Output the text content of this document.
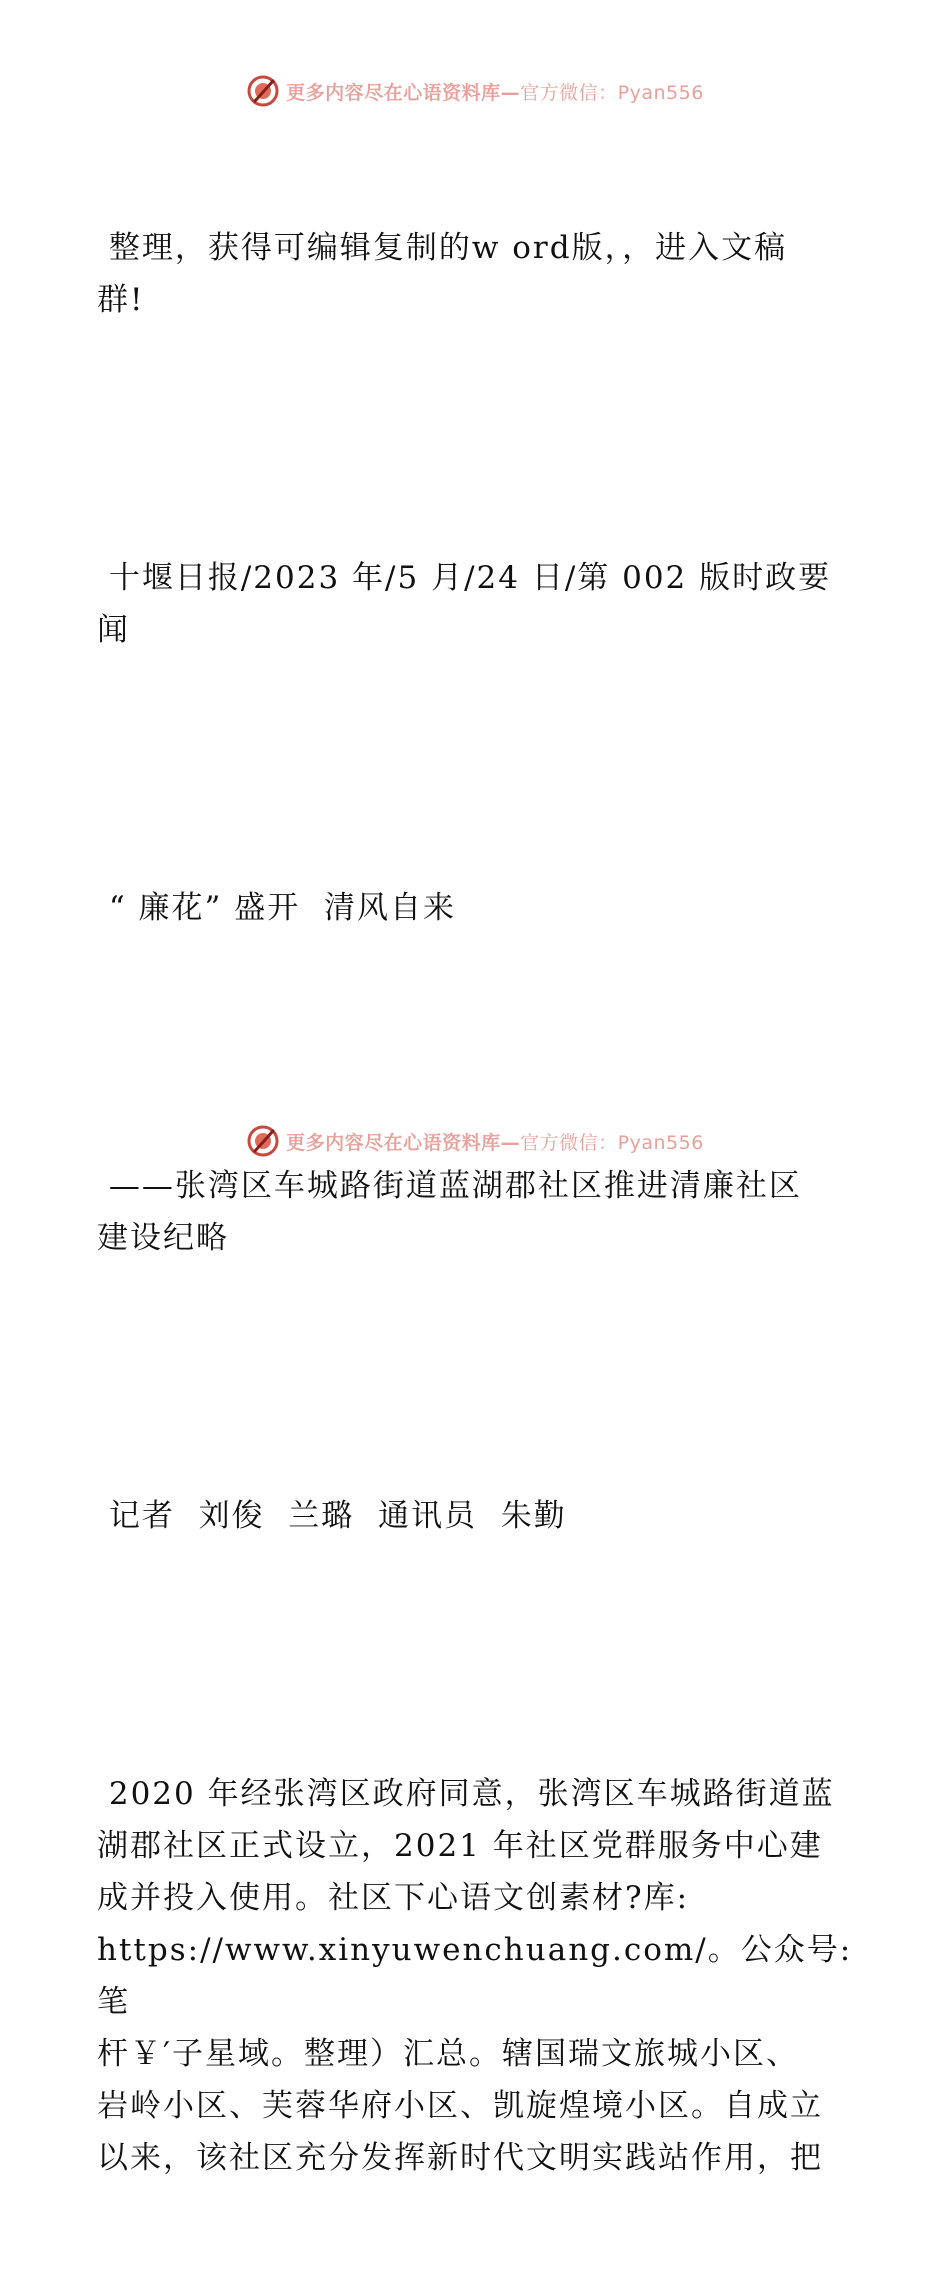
更多内容尽在心语资料库—官方微信：Pyan556

整理，获得可编辑复制的w ord版，，进入文稿
群!

十堰日报/2023 年/5 月/24 日/第 002 版时政要
闻

“ 廉花” 盛开  清风自来

——张湾区车城路街道蓝湖郡社区推进清廉社区
建设纪略

记者  刘俊  兰璐  通讯员  朱勤

2020 年经张湾区政府同意，张湾区车城路街道蓝
湖郡社区正式设立，2021 年社区党群服务中心建
成并投入使用。社区下心语文创素材?库:
https://www.xinyuwenchuang.com/。公众号: 笔
杆￥′子星域。整理）汇总。辖国瑞文旅城小区、
岩岭小区、芙蓉华府小区、凯旋煌境小区。自成立
以来，该社区充分发挥新时代文明实践站作用，把

更多内容尽在心语资料库—官方微信：Pyan556
